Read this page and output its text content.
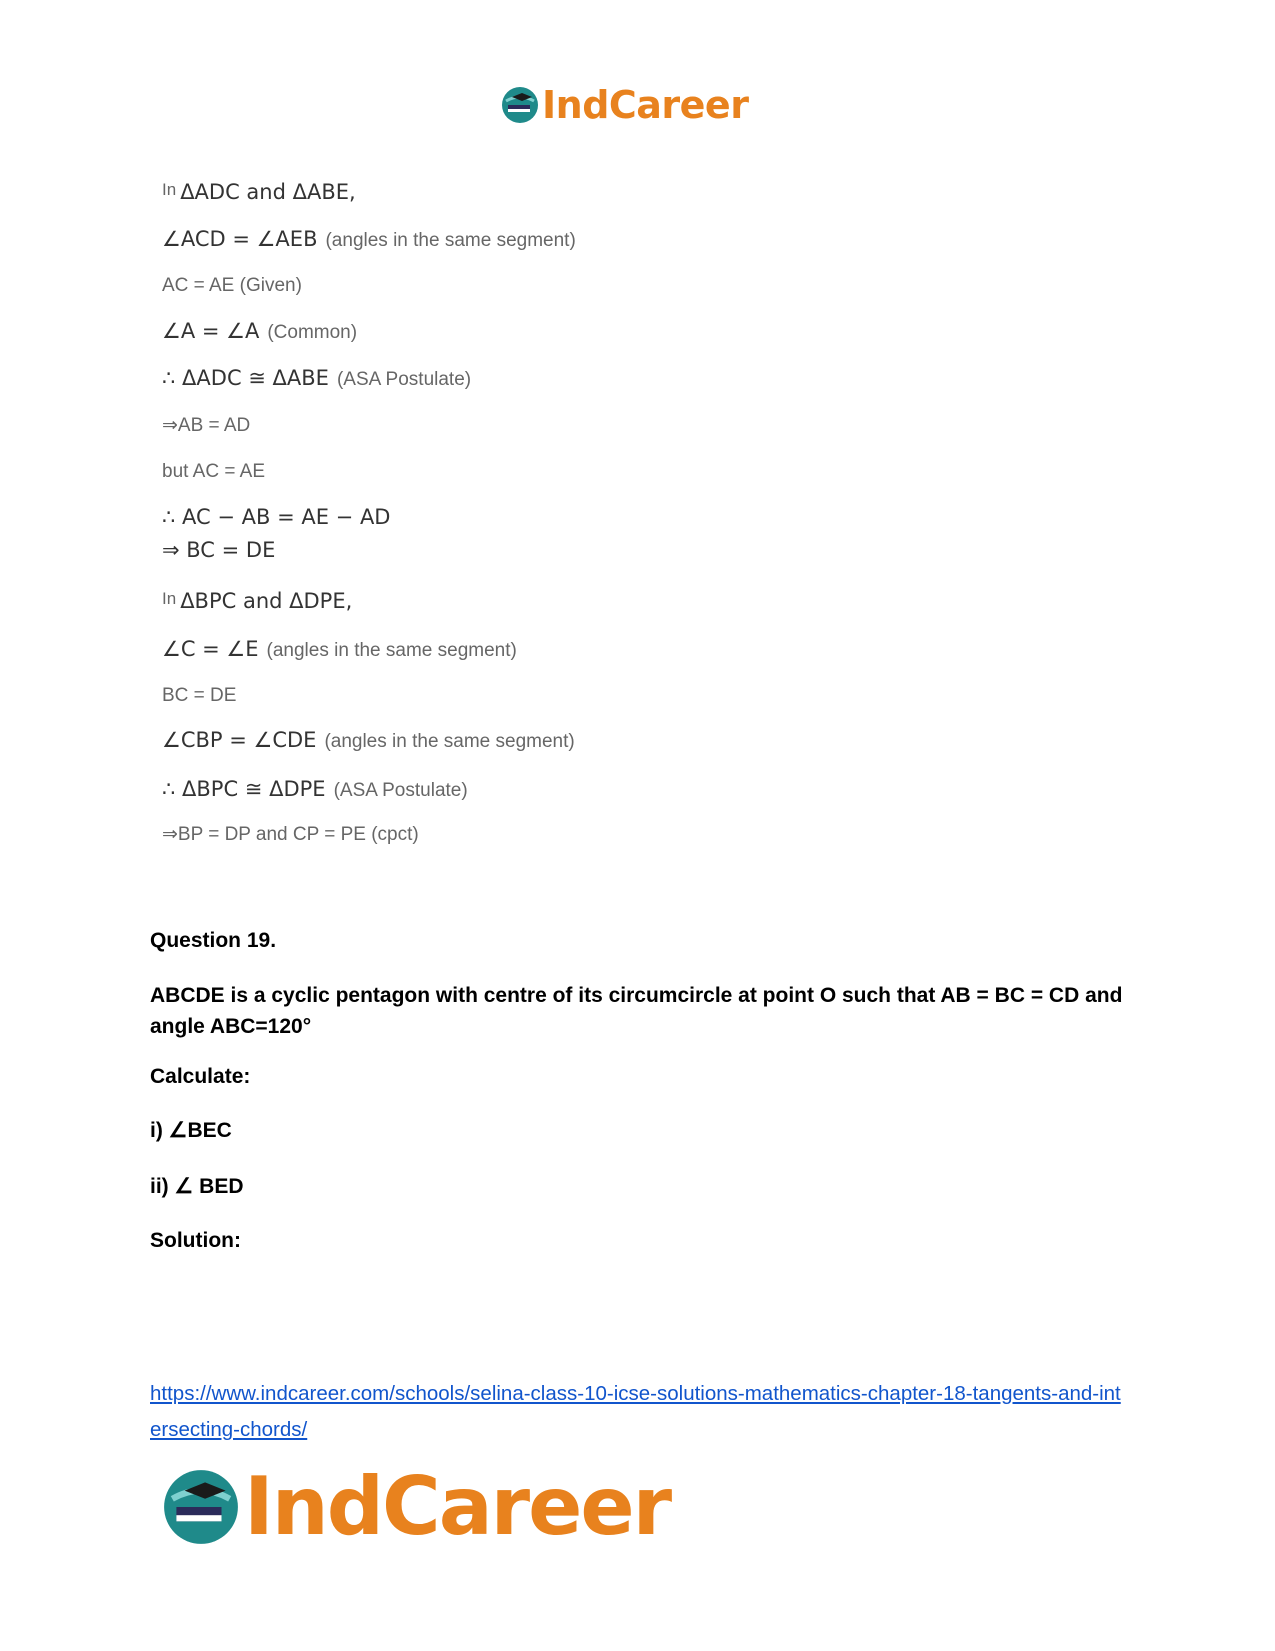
IndCareer
In ΔADC and ΔABE,
∠ACD = ∠AEB (angles in the same segment)
AC = AE (Given)
∠A = ∠A (Common)
∴ ΔADC ≅ ΔABE (ASA Postulate)
⇒AB = AD
but AC = AE
∴ AC − AB = AE − AD
⇒ BC = DE
In ΔBPC and ΔDPE,
∠C = ∠E (angles in the same segment)
BC = DE
∠CBP = ∠CDE (angles in the same segment)
∴ ΔBPC ≅ ΔDPE (ASA Postulate)
⇒BP = DP and CP = PE (cpct)
Question 19.
ABCDE is a cyclic pentagon with centre of its circumcircle at point O such that AB = BC = CD and angle ABC=120°
Calculate:
i) ∠BEC
ii) ∠ BED
Solution:
https://www.indcareer.com/schools/selina-class-10-icse-solutions-mathematics-chapter-18-tangents-and-intersecting-chords/
IndCareer
